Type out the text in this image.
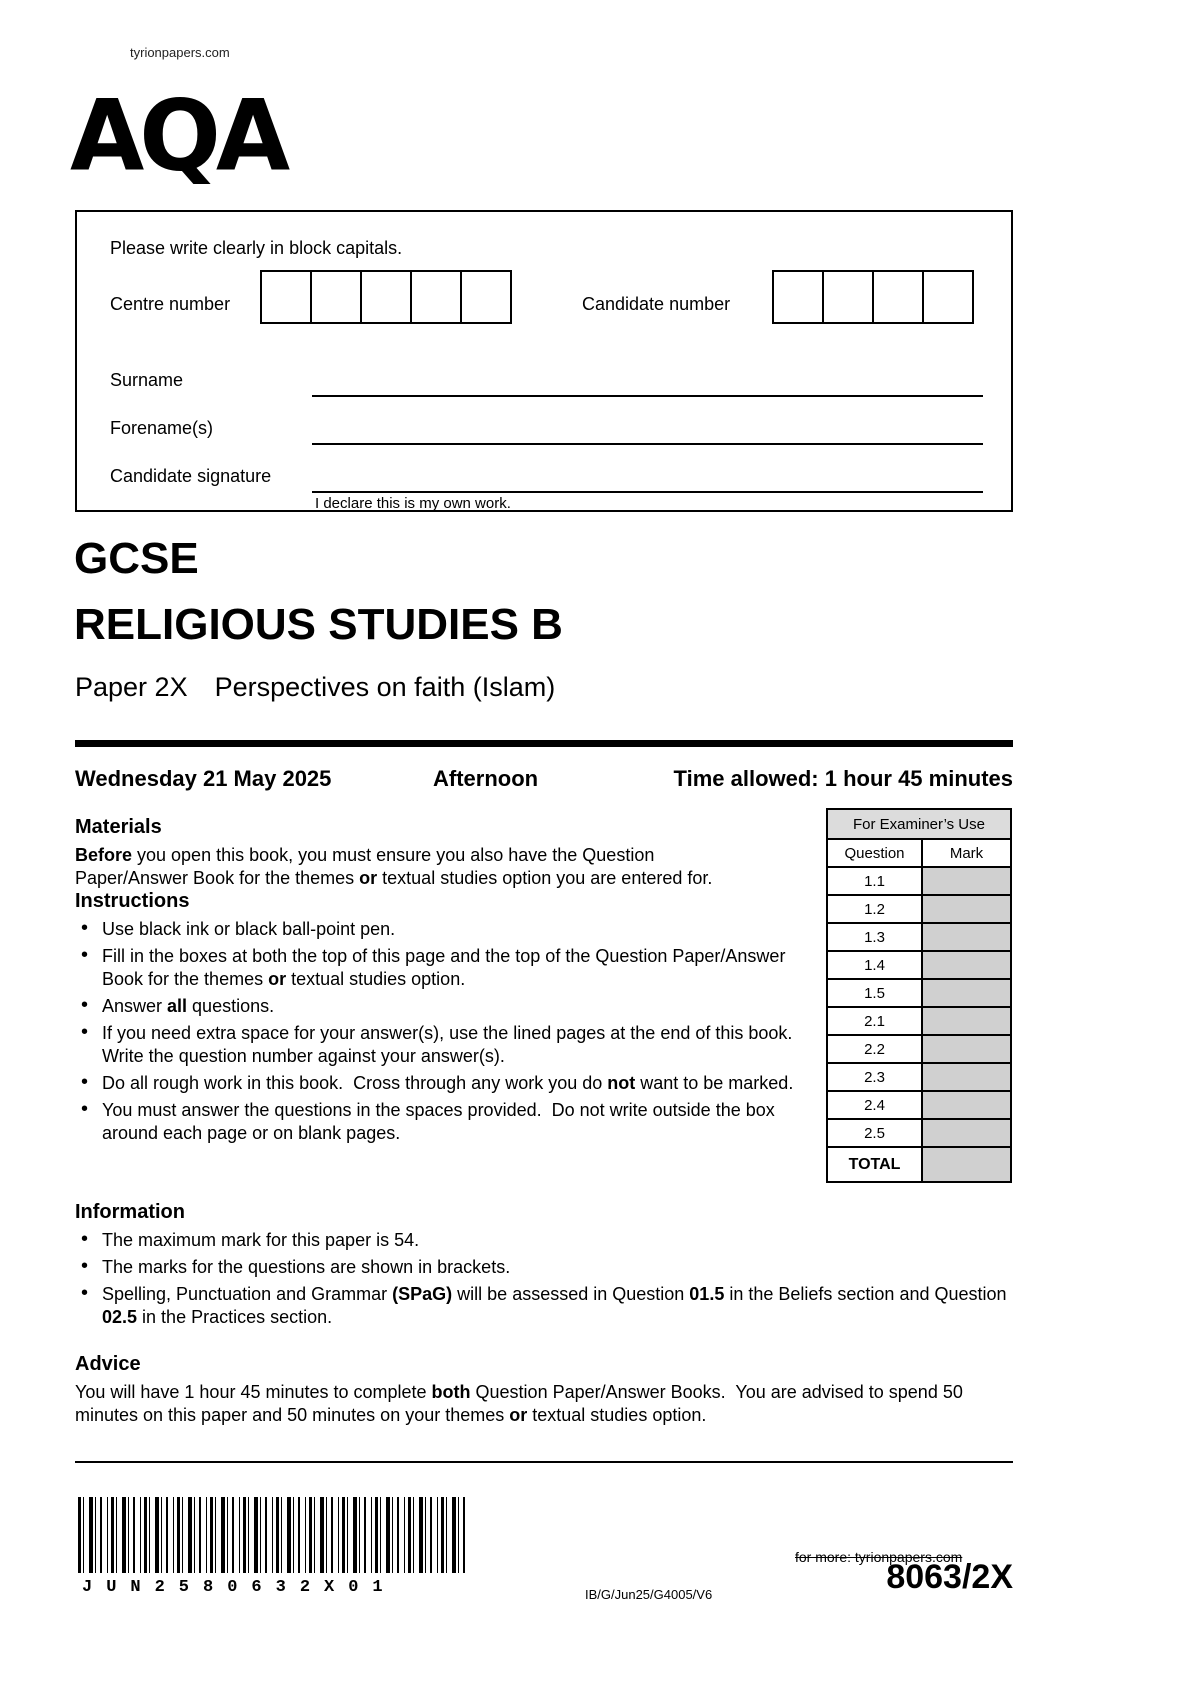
tyrionpapers.com
AQA
Please write clearly in block capitals.
Centre number	Candidate number
Surname
Forename(s)
Candidate signature
I declare this is my own work.
GCSE
RELIGIOUS STUDIES B
Paper 2X Perspectives on faith (Islam)
Wednesday 21 May 2025	Afternoon	Time allowed: 1 hour 45 minutes
For Examiner’s Use
Question	Mark
1.1
1.2
1.3
1.4
1.5
2.1
2.2
2.3
2.4
2.5
TOTAL
Materials
Before you open this book, you must ensure you also have the Question Paper/Answer Book for the themes or textual studies option you are entered for.
Instructions
• Use black ink or black ball-point pen.
• Fill in the boxes at both the top of this page and the top of the Question Paper/Answer Book for the themes or textual studies option.
• Answer all questions.
• If you need extra space for your answer(s), use the lined pages at the end of this book.  Write the question number against your answer(s).
• Do all rough work in this book.  Cross through any work you do not want to be marked.
• You must answer the questions in the spaces provided.  Do not write outside the box around each page or on blank pages.
Information
• The maximum mark for this paper is 54.
• The marks for the questions are shown in brackets.
• Spelling, Punctuation and Grammar (SPaG) will be assessed in Question 01.5 in the Beliefs section and Question 02.5 in the Practices section.
Advice
You will have 1 hour 45 minutes to complete both Question Paper/Answer Books.  You are advised to spend 50 minutes on this paper and 50 minutes on your themes or textual studies option.
JUN2580632X01	IB/G/Jun25/G4005/V6
for more: tyrionpapers.com
8063/2X
